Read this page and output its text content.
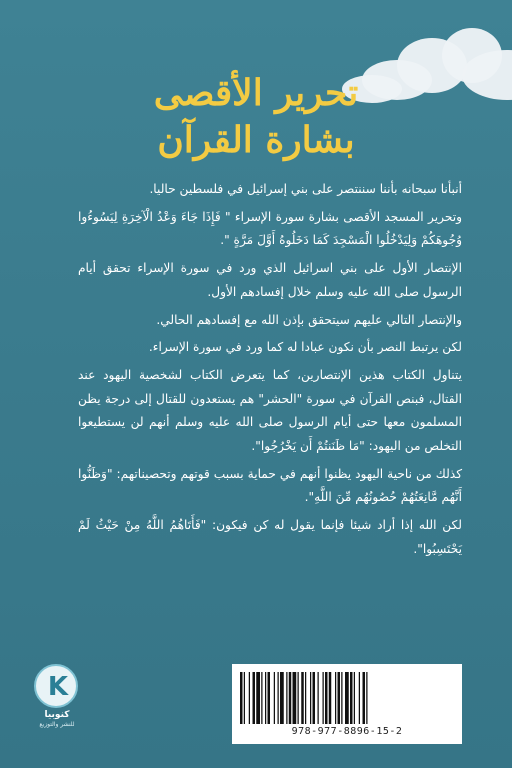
تحرير الأقصى
بشارة القرآن

أنبأنا سبحانه بأننا سننتصر على بني إسرائيل في فلسطين حاليا.

وتحرير المسجد الأقصى بشارة سورة الإسراء " فَإِذَا جَاءَ وَعْدُ الْآخِرَةِ لِيَسُوءُوا وُجُوهَكُمْ وَلِيَدْخُلُوا الْمَسْجِدَ كَمَا دَخَلُوهُ أَوَّلَ مَرَّةٍ ".

الإنتصار الأول على بني اسرائيل الذي ورد في سورة الإسراء تحقق أيام الرسول صلى الله عليه وسلم خلال إفسادهم الأول.

والإنتصار التالي عليهم سيتحقق بإذن الله مع إفسادهم الحالي.

لكن يرتبط النصر بأن نكون عبادا له كما ورد في سورة الإسراء.

يتناول الكتاب هذين الإنتصارين، كما يتعرض الكتاب لشخصية اليهود عند القتال، فبنص القرآن في سورة "الحشر" هم يستعدون للقتال إلى درجة يظن المسلمون معها حتى أيام الرسول صلى الله عليه وسلم أنهم لن يستطيعوا التخلص من اليهود: "مَا ظَنَنتُمْ أَن يَخْرُجُوا".

كذلك من ناحية اليهود يظنوا أنهم في حماية بسبب قوتهم وتحصيناتهم: "وَظَنُّوا أَنَّهُم مَّانِعَتُهُمْ حُصُونُهُم مِّنَ اللَّهِ".

لكن الله إذا أراد شيئا فإنما يقول له كن فيكون: "فَأَتَاهُمُ اللَّهُ مِنْ حَيْثُ لَمْ يَحْتَسِبُوا".

K
كنوبيا
للنشر والتوزيع
978-977-8896-15-2
